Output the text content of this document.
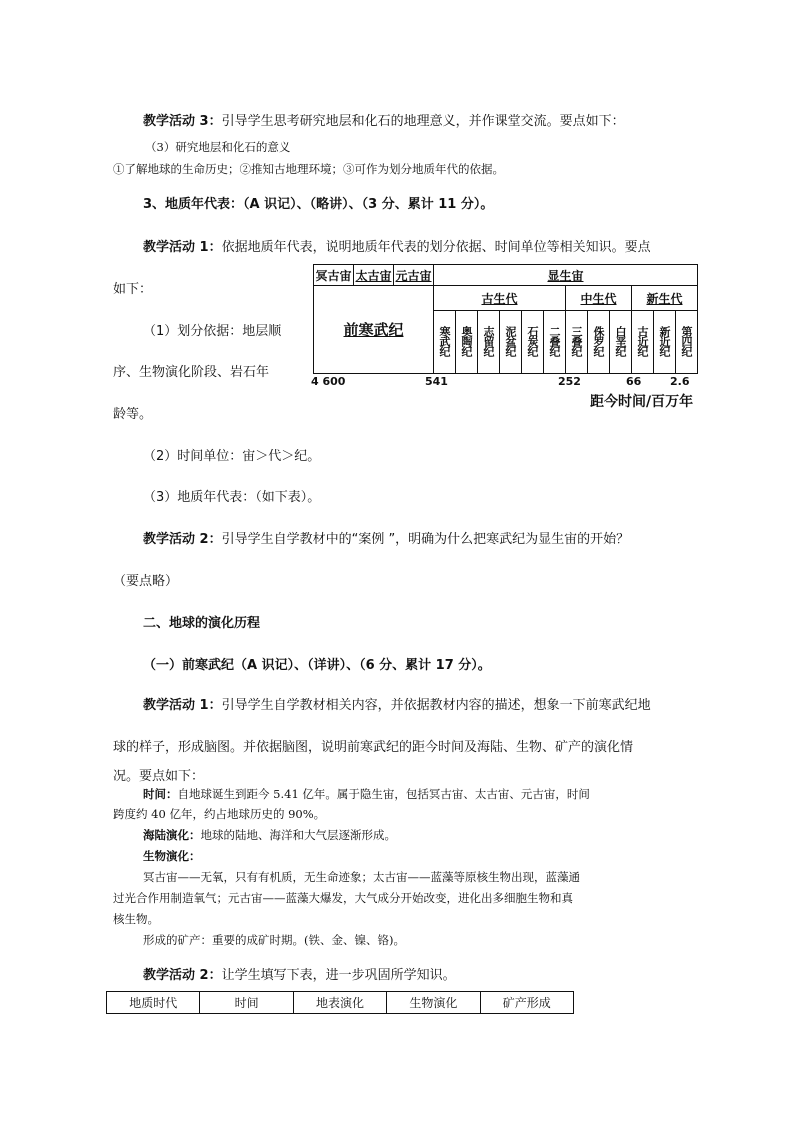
教学活动 3：引导学生思考研究地层和化石的地理意义，并作课堂交流。要点如下：
（3）研究地层和化石的意义
①了解地球的生命历史；②推知古地理环境；③可作为划分地质年代的依据。
3、地质年代表：（A 识记）、（略讲）、（3 分、累计 11 分）。
教学活动 1：依据地质年代表，说明地质年代表的划分依据、时间单位等相关知识。要点
如下：
（1）划分依据：地层顺
序、生物演化阶段、岩石年
龄等。
（2）时间单位：宙＞代＞纪。
（3）地质年代表：（如下表）。
冥古宙	太古宙	元古宙	显生宙											
前寒武纪			古生代						中生代			新生代		
			寒武纪	奥陶纪	志留纪	泥盆纪	石炭纪	二叠纪	三叠纪	侏罗纪	白垩纪	古近纪	新近纪	第四纪
4 600	541	252	66	2.6
距今时间/百万年
教学活动 2：引导学生自学教材中的“案例 ”，明确为什么把寒武纪为显生宙的开始？
（要点略）
二、地球的演化历程
（一）前寒武纪（A 识记）、（详讲）、（6 分、累计 17 分）。
教学活动 1：引导学生自学教材相关内容，并依据教材内容的描述，想象一下前寒武纪地
球的样子，形成脑图。并依据脑图，说明前寒武纪的距今时间及海陆、生物、矿产的演化情
况。要点如下：
时间：自地球诞生到距今 5.41 亿年。属于隐生宙，包括冥古宙、太古宙、元古宙，时间
跨度约 40 亿年，约占地球历史的 90%。
海陆演化：地球的陆地、海洋和大气层逐渐形成。
生物演化：
冥古宙——无氧，只有有机质，无生命迹象；太古宙——蓝藻等原核生物出现，蓝藻通
过光合作用制造氧气；元古宙——蓝藻大爆发，大气成分开始改变，进化出多细胞生物和真
核生物。
形成的矿产：重要的成矿时期。(铁、金、镍、铬)。
教学活动 2：让学生填写下表，进一步巩固所学知识。
地质时代	时间	地表演化	生物演化	矿产形成
